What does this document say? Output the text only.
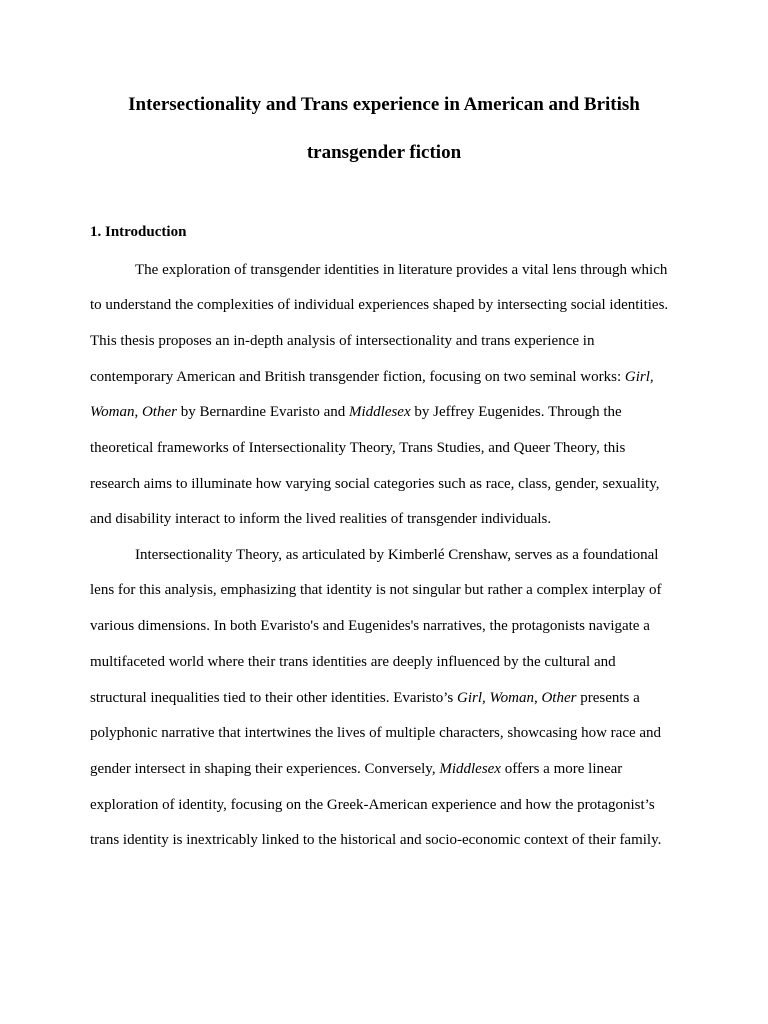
Intersectionality and Trans experience in American and British
transgender fiction
1. Introduction
The exploration of transgender identities in literature provides a vital lens through which
to understand the complexities of individual experiences shaped by intersecting social identities.
This thesis proposes an in-depth analysis of intersectionality and trans experience in
contemporary American and British transgender fiction, focusing on two seminal works: Girl,
Woman, Other by Bernardine Evaristo and Middlesex by Jeffrey Eugenides. Through the
theoretical frameworks of Intersectionality Theory, Trans Studies, and Queer Theory, this
research aims to illuminate how varying social categories such as race, class, gender, sexuality,
and disability interact to inform the lived realities of transgender individuals.
Intersectionality Theory, as articulated by Kimberlé Crenshaw, serves as a foundational
lens for this analysis, emphasizing that identity is not singular but rather a complex interplay of
various dimensions. In both Evaristo's and Eugenides's narratives, the protagonists navigate a
multifaceted world where their trans identities are deeply influenced by the cultural and
structural inequalities tied to their other identities. Evaristo’s Girl, Woman, Other presents a
polyphonic narrative that intertwines the lives of multiple characters, showcasing how race and
gender intersect in shaping their experiences. Conversely, Middlesex offers a more linear
exploration of identity, focusing on the Greek-American experience and how the protagonist’s
trans identity is inextricably linked to the historical and socio-economic context of their family.
